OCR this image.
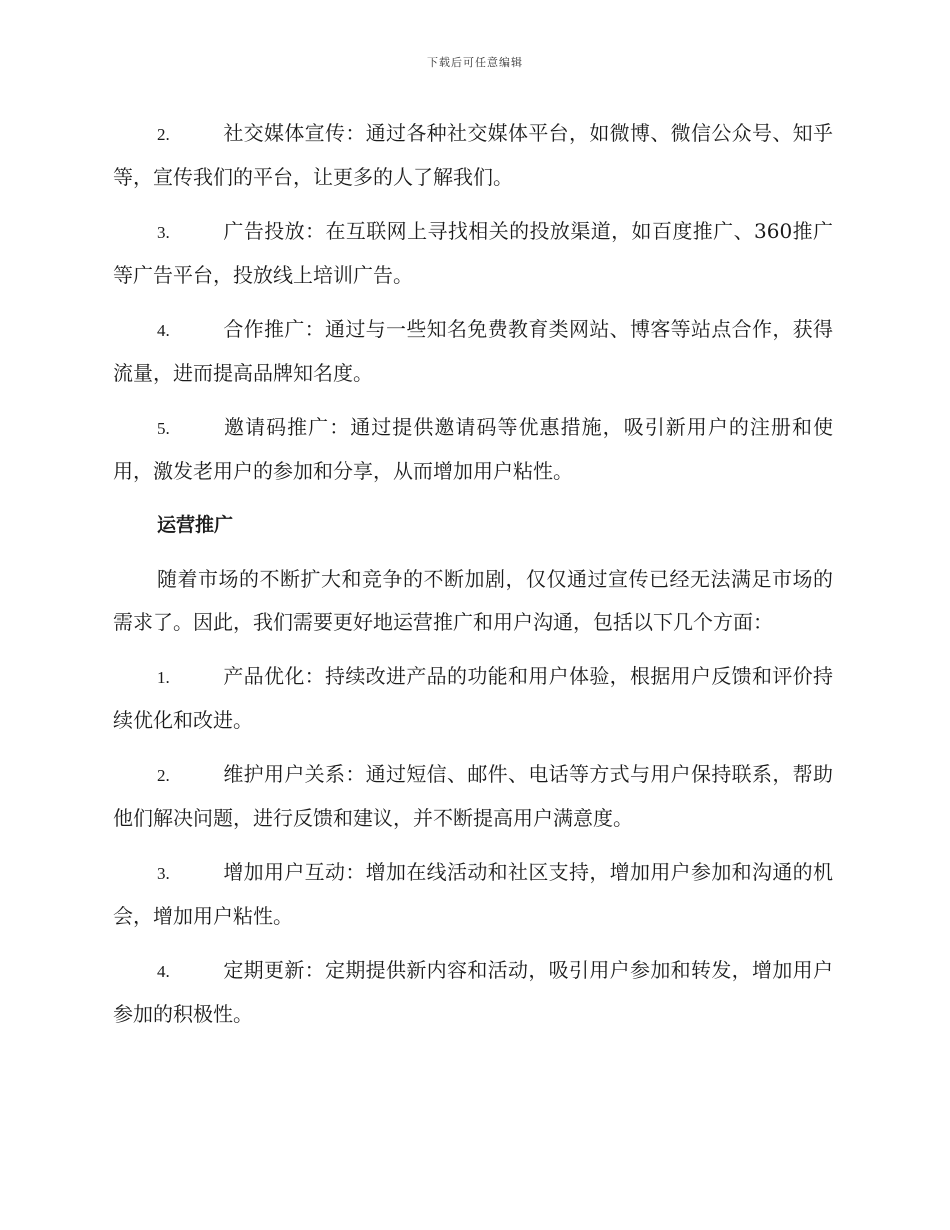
下载后可任意编辑

2.	社交媒体宣传：通过各种社交媒体平台，如微博、微信公众号、知乎等，宣传我们的平台，让更多的人了解我们。

3.	广告投放：在互联网上寻找相关的投放渠道，如百度推广、360推广等广告平台，投放线上培训广告。

4.	合作推广：通过与一些知名免费教育类网站、博客等站点合作，获得流量，进而提高品牌知名度。

5.	邀请码推广：通过提供邀请码等优惠措施，吸引新用户的注册和使用，激发老用户的参加和分享，从而增加用户粘性。

运营推广

随着市场的不断扩大和竞争的不断加剧，仅仅通过宣传已经无法满足市场的需求了。因此，我们需要更好地运营推广和用户沟通，包括以下几个方面：

1.	产品优化：持续改进产品的功能和用户体验，根据用户反馈和评价持续优化和改进。

2.	维护用户关系：通过短信、邮件、电话等方式与用户保持联系，帮助他们解决问题，进行反馈和建议，并不断提高用户满意度。

3.	增加用户互动：增加在线活动和社区支持，增加用户参加和沟通的机会，增加用户粘性。

4.	定期更新：定期提供新内容和活动，吸引用户参加和转发，增加用户参加的积极性。
